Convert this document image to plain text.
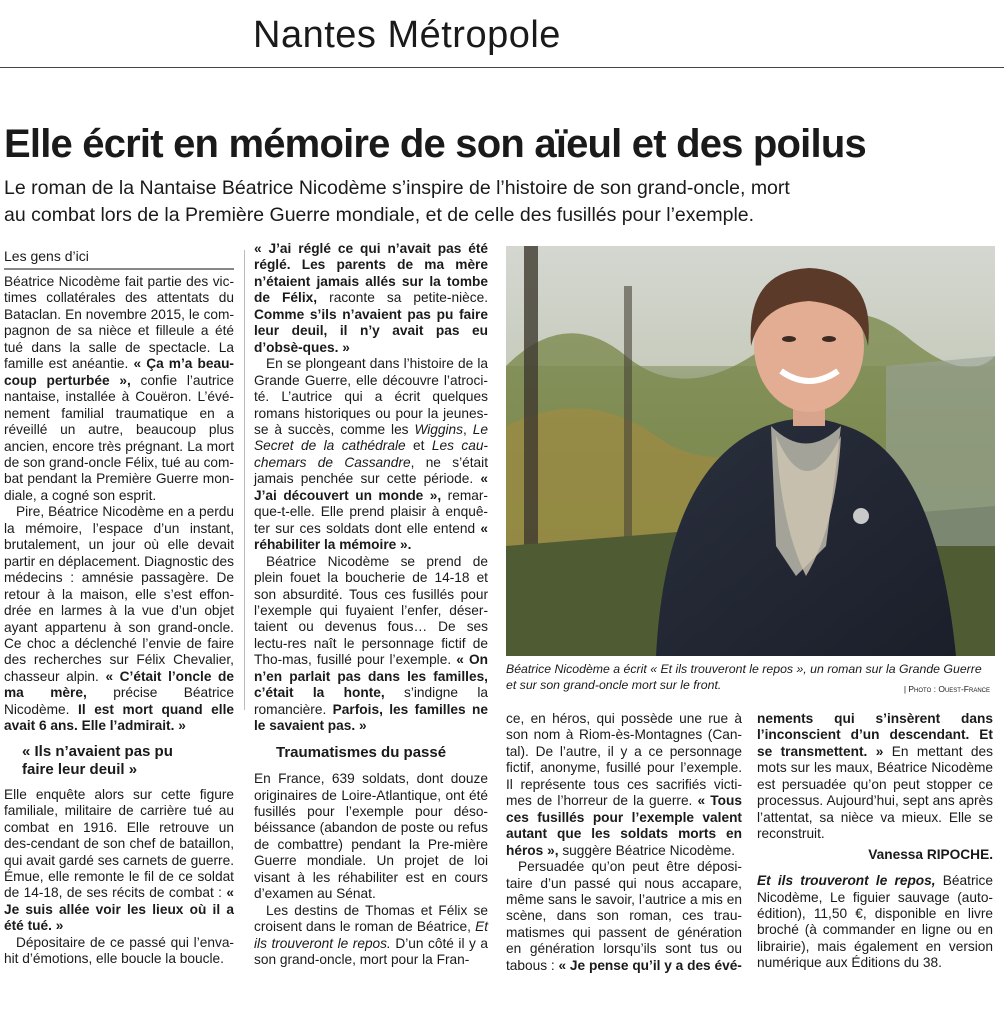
Nantes Métropole
Elle écrit en mémoire de son aïeul et des poilus
Le roman de la Nantaise Béatrice Nicodème s’inspire de l’histoire de son grand-oncle, mort
au combat lors de la Première Guerre mondiale, et de celle des fusillés pour l’exemple.
Les gens d’ici

Béatrice Nicodème fait partie des vic-times collatérales des attentats du Bataclan. En novembre 2015, le com-pagnon de sa nièce et filleule a été tué dans la salle de spectacle. La famille est anéantie. « Ça m’a beau-coup perturbée », confie l’autrice nantaise, installée à Couëron. L’évé-nement familial traumatique en a réveillé un autre, beaucoup plus ancien, encore très prégnant. La mort de son grand-oncle Félix, tué au com-bat pendant la Première Guerre mon-diale, a cogné son esprit.

Pire, Béatrice Nicodème en a perdu la mémoire, l’espace d’un instant, brutalement, un jour où elle devait partir en déplacement. Diagnostic des médecins : amnésie passagère. De retour à la maison, elle s’est effon-drée en larmes à la vue d’un objet ayant appartenu à son grand-oncle. Ce choc a déclenché l’envie de faire des recherches sur Félix Chevalier, chasseur alpin. « C’était l’oncle de ma mère, précise Béatrice Nicodème. Il est mort quand elle avait 6 ans. Elle l’admirait. »

« Ils n’avaient pas pu faire leur deuil »

Elle enquête alors sur cette figure familiale, militaire de carrière tué au combat en 1916. Elle retrouve un des-cendant de son chef de bataillon, qui avait gardé ses carnets de guerre. Émue, elle remonte le fil de ce soldat de 14-18, de ses récits de combat : « Je suis allée voir les lieux où il a été tué. »

Dépositaire de ce passé qui l’enva-hit d’émotions, elle boucle la boucle.

« J’ai réglé ce qui n’avait pas été réglé. Les parents de ma mère n’étaient jamais allés sur la tombe de Félix, raconte sa petite-nièce. Comme s’ils n’avaient pas pu faire leur deuil, il n’y avait pas eu d’obsè-ques. »

En se plongeant dans l’histoire de la Grande Guerre, elle découvre l’atroci-té. L’autrice qui a écrit quelques romans historiques ou pour la jeunes-se à succès, comme les Wiggins, Le Secret de la cathédrale et Les cau-chemars de Cassandre, ne s’était jamais penchée sur cette période. « J’ai découvert un monde », remar-que-t-elle. Elle prend plaisir à enquê-ter sur ces soldats dont elle entend « réhabiliter la mémoire ».

Béatrice Nicodème se prend de plein fouet la boucherie de 14-18 et son absurdité. Tous ces fusillés pour l’exemple qui fuyaient l’enfer, déser-taient ou devenus fous… De ses lectu-res naît le personnage fictif de Tho-mas, fusillé pour l’exemple. « On n’en parlait pas dans les familles, c’était la honte, s’indigne la romancière. Parfois, les familles ne le savaient pas. »

Traumatismes du passé

En France, 639 soldats, dont douze originaires de Loire-Atlantique, ont été fusillés pour l’exemple pour déso-béissance (abandon de poste ou refus de combattre) pendant la Pre-mière Guerre mondiale. Un projet de loi visant à les réhabiliter est en cours d’examen au Sénat.

Les destins de Thomas et Félix se croisent dans le roman de Béatrice, Et ils trouveront le repos. D’un côté il y a son grand-oncle, mort pour la Fran-

Béatrice Nicodème a écrit « Et ils trouveront le repos », un roman sur la Grande Guerre et sur son grand-oncle mort sur le front.	| Photo : Ouest-France

ce, en héros, qui possède une rue à son nom à Riom-ès-Montagnes (Can-tal). De l’autre, il y a ce personnage fictif, anonyme, fusillé pour l’exemple. Il représente tous ces sacrifiés victi-mes de l’horreur de la guerre. « Tous ces fusillés pour l’exemple valent autant que les soldats morts en héros », suggère Béatrice Nicodème.

Persuadée qu’on peut être déposi-taire d’un passé qui nous accapare, même sans le savoir, l’autrice a mis en scène, dans son roman, ces trau-matismes qui passent de génération en génération lorsqu’ils sont tus ou tabous : « Je pense qu’il y a des évé-

nements qui s’insèrent dans l’inconscient d’un descendant. Et se transmettent. » En mettant des mots sur les maux, Béatrice Nicodème est persuadée qu’on peut stopper ce processus. Aujourd’hui, sept ans après l’attentat, sa nièce va mieux. Elle se reconstruit.

Vanessa RIPOCHE.

Et ils trouveront le repos, Béatrice Nicodème, Le figuier sauvage (auto-édition), 11,50 €, disponible en livre broché (à commander en ligne ou en librairie), mais également en version numérique aux Éditions du 38.
